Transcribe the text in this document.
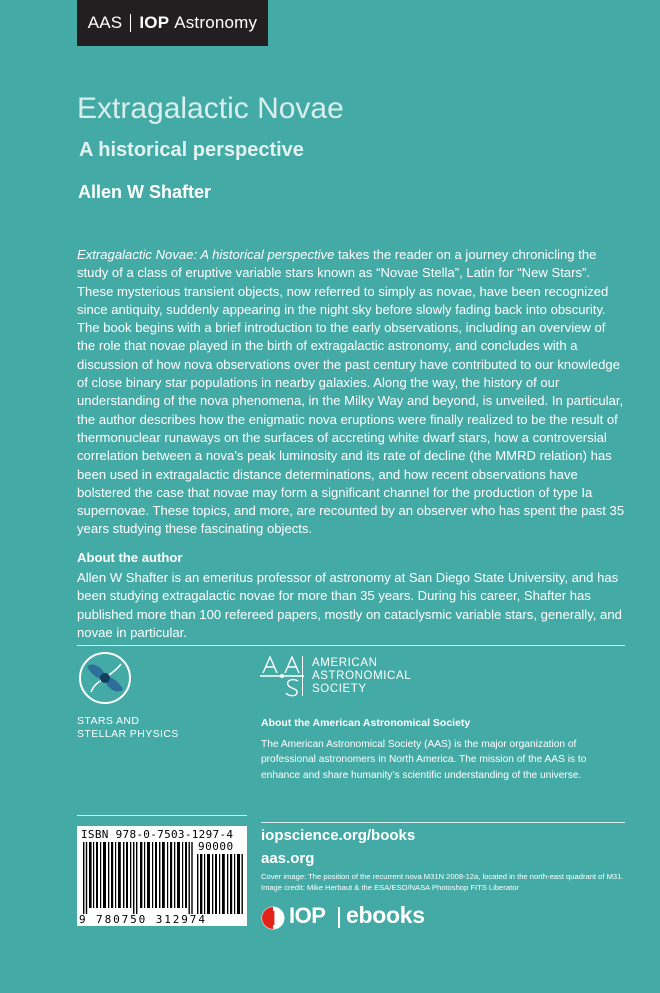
AAS IOP
Astronomy
Extragalactic Novae
A historical perspective

Allen W Shafter

Extragalactic Novae: A historical perspective takes the reader on a journey chronicling the study of a class of eruptive variable stars known as “Novae Stella”, Latin for “New Stars”. These mysterious transient objects, now referred to simply as novae, have been recognized since antiquity, suddenly appearing in the night sky before slowly fading back into obscurity. The book begins with a brief introduction to the early observations, including an overview of the role that novae played in the birth of extragalactic astronomy, and concludes with a discussion of how nova observations over the past century have contributed to our knowledge of close binary star populations in nearby galaxies. Along the way, the history of our understanding of the nova phenomena, in the Milky Way and beyond, is unveiled. In particular, the author describes how the enigmatic nova eruptions were finally realized to be the result of thermonuclear runaways on the surfaces of accreting white dwarf stars, how a controversial correlation between a nova’s peak luminosity and its rate of decline (the MMRD relation) has been used in extragalactic distance determinations, and how recent observations have bolstered the case that novae may form a significant channel for the production of type Ia supernovae. These topics, and more, are recounted by an observer who has spent the past 35 years studying these fascinating objects.

About the author

Allen W Shafter is an emeritus professor of astronomy at San Diego State University, and has been studying extragalactic novae for more than 35 years. During his career, Shafter has published more than 100 refereed papers, mostly on cataclysmic variable stars, generally, and novae in particular.

STARS AND
STELLAR PHYSICS
AMERICAN
ASTRONOMICAL
SOCIETY
About the American Astronomical Society
The American Astronomical Society (AAS) is the major organization of professional astronomers in North America. The mission of the AAS is to enhance and share humanity’s scientific understanding of the universe.
ISBN 978-0-7503-1297-4
90000
9 780750 312974
iopscience.org/books
aas.org
Cover image: The position of the recurrent nova M31N 2008-12a, located in the north-east quadrant of M31. Image credit: Mike Herbaut & the ESA/ESO/NASA Photoshop FITS Liberator
IOP ebooks
